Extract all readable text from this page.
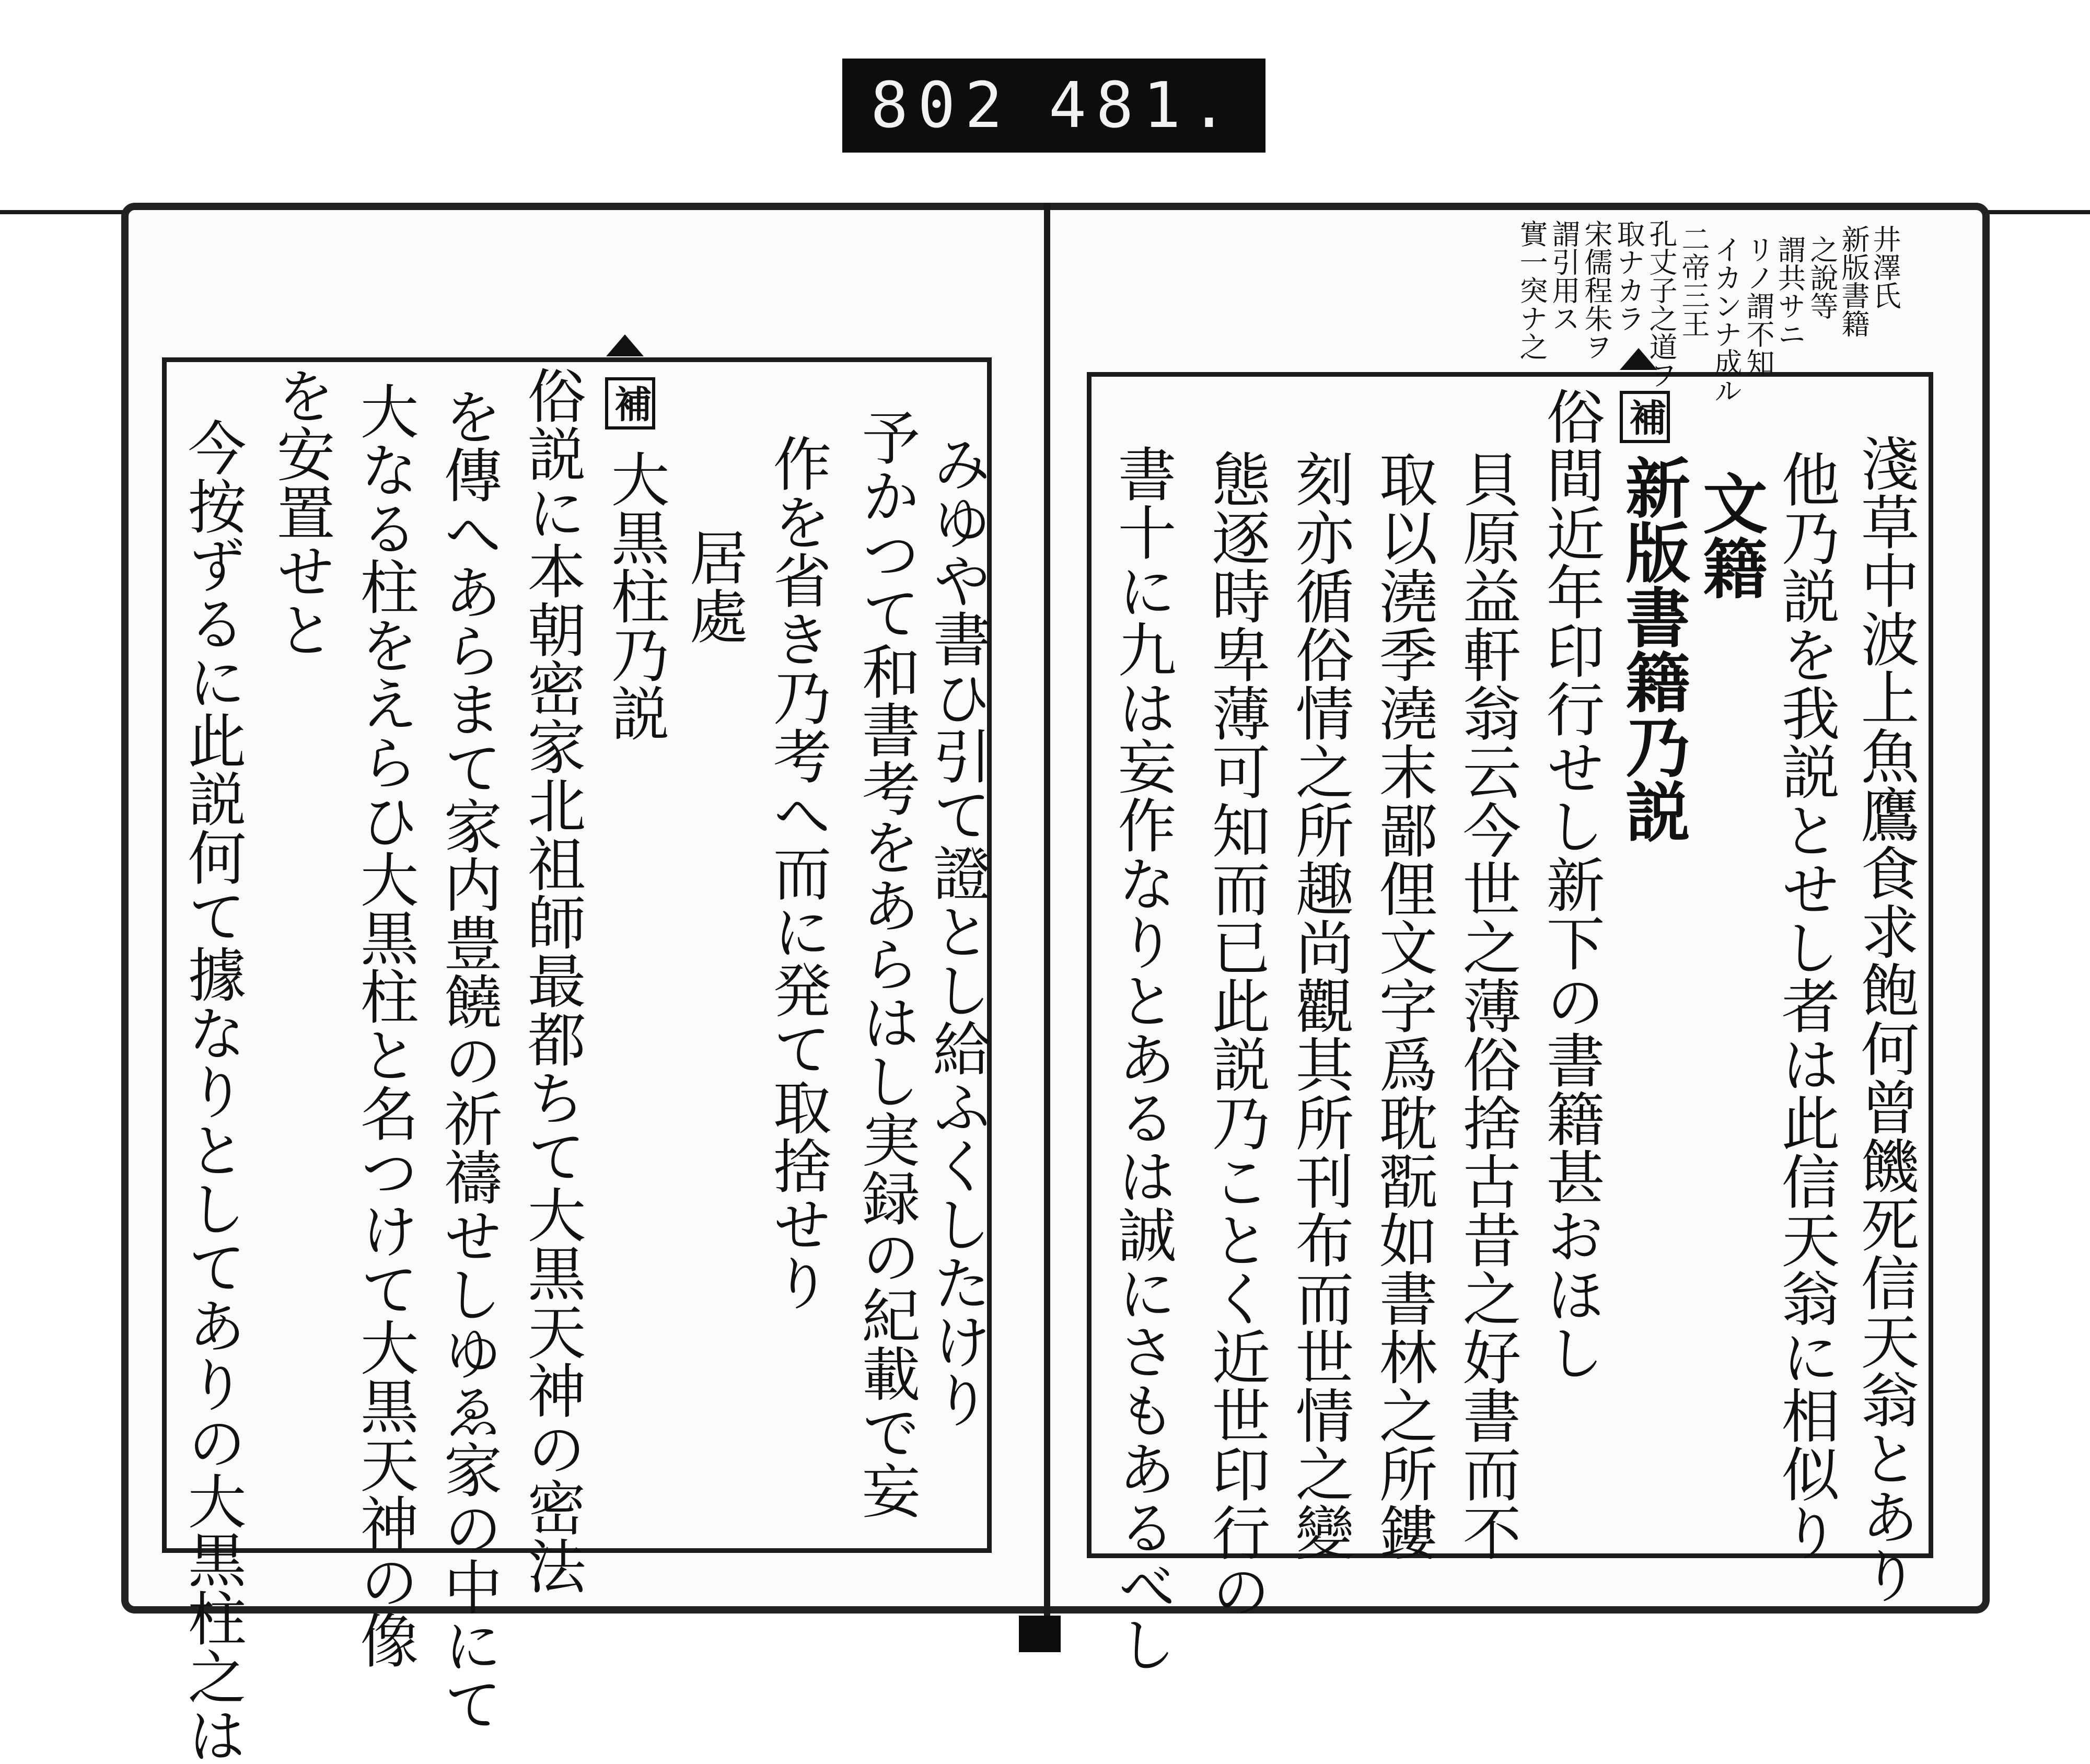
802 481.
補
みゆや書ひ引て證とし給ふくしたけり
予かつて和書考をあらはし実録の紀載で妄
作を省き乃考へ而に発て取捨せり
居處
大黒柱乃説
俗説に本朝密家北祖師最都ちて大黒天神の密法
を傳へあらまて家内豊饒の祈禱せしゆゑ家の中にて
大なる柱をえらひ大黒柱と名つけて大黒天神の像
を安置せと
今按ずるに此説何て據なりとしてありの大黒柱之は
井澤氏
新版書籍
之說等
謂共サニ
リノ謂不知
イカンナ成ル
二帝三王
孔丈子之道ヲ
取ナカラ
宋儒程朱ヲ
謂引用ス
實一突ナ之
補
淺草中波上魚鷹食求飽何曾饑死信天翁とあり
他乃説を我説とせし者は此信天翁に相似り
文籍
新版書籍乃説
俗間近年印行せし新下の書籍甚おほし
貝原益軒翁云今世之薄俗捨古昔之好書而不
取以澆季澆末鄙俚文字爲耽翫如書林之所鏤
刻亦循俗情之所趣尚觀其所刊布而世情之變
態逐時卑薄可知而已此説乃ことく近世印行の
書十に九は妄作なりとあるは誠にさもあるべし
